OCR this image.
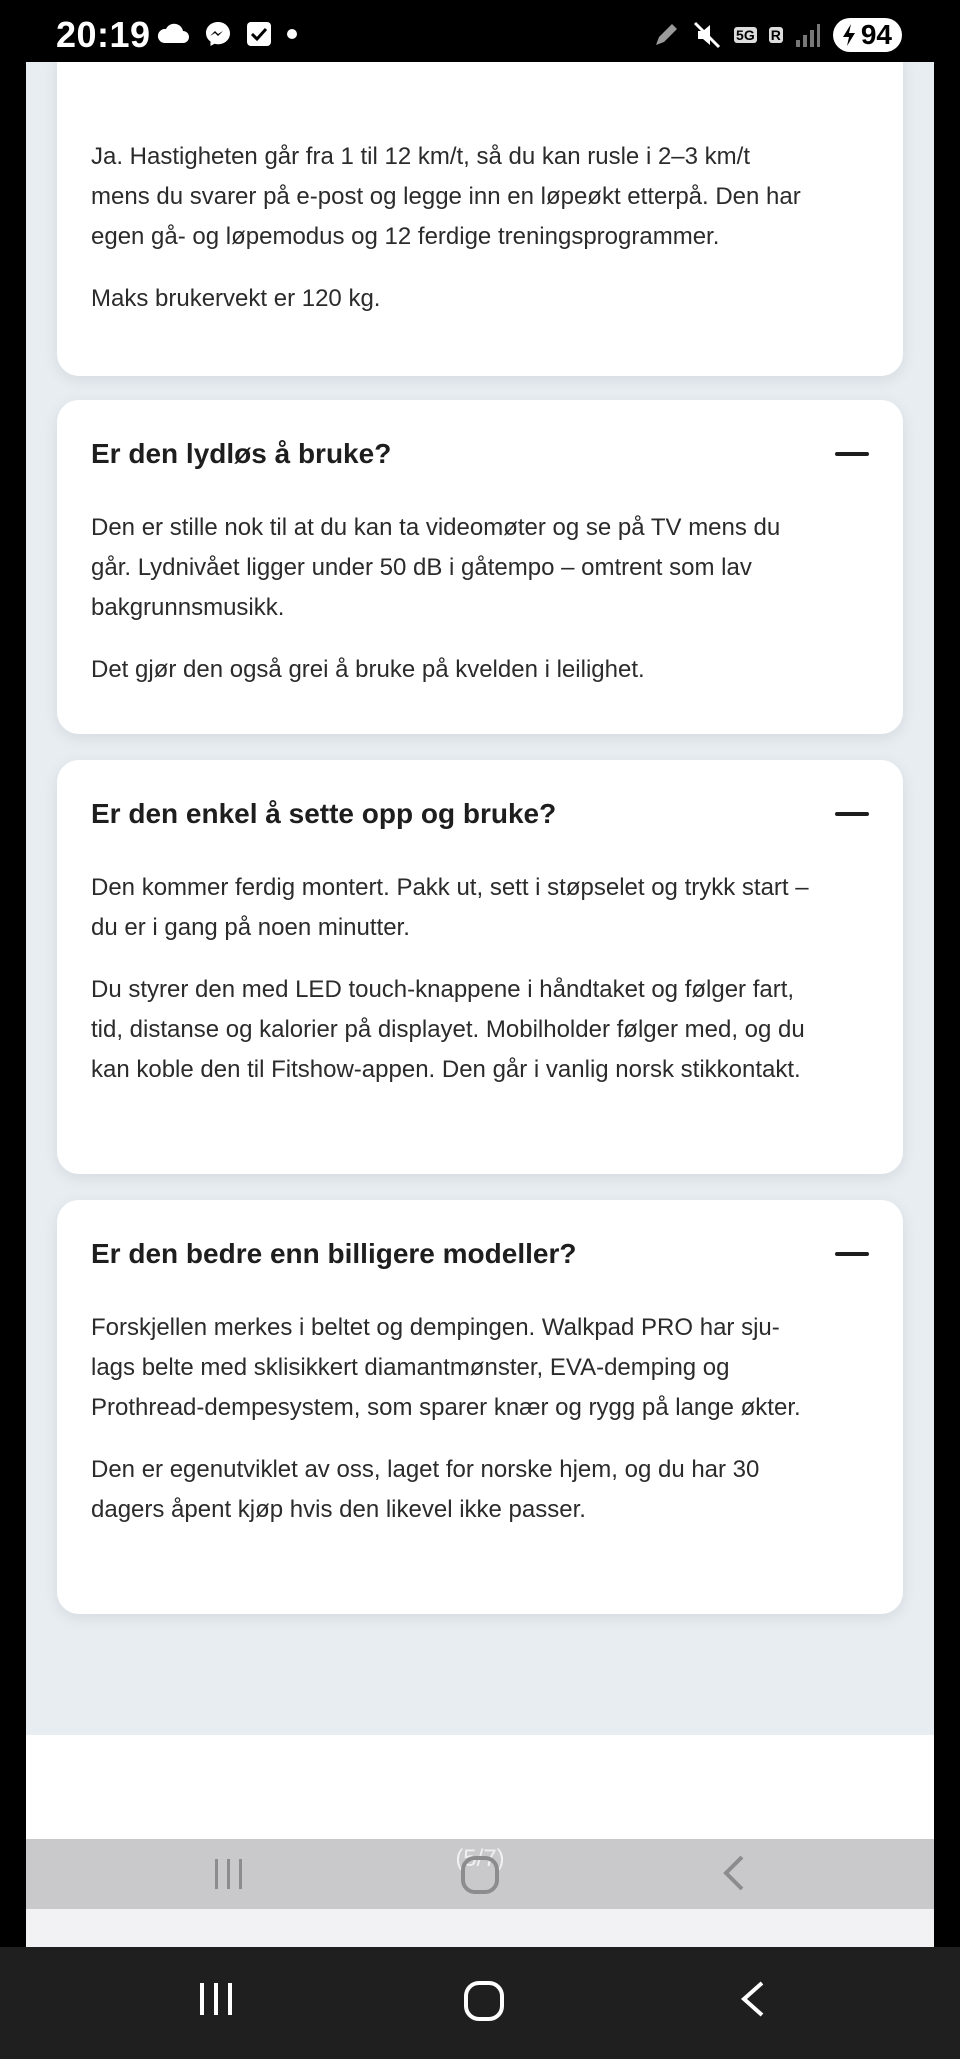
20:19	5G R	94

Ja. Hastigheten går fra 1 til 12 km/t, så du kan rusle i 2–3 km/t mens du svarer på e-post og legge inn en løpeøkt etterpå. Den har egen gå- og løpemodus og 12 ferdige treningsprogrammer.

Maks brukervekt er 120 kg.

Er den lydløs å bruke?

Den er stille nok til at du kan ta videomøter og se på TV mens du går. Lydnivået ligger under 50 dB i gåtempo – omtrent som lav bakgrunnsmusikk.

Det gjør den også grei å bruke på kvelden i leilighet.

Er den enkel å sette opp og bruke?

Den kommer ferdig montert. Pakk ut, sett i støpselet og trykk start – du er i gang på noen minutter.

Du styrer den med LED touch-knappene i håndtaket og følger fart, tid, distanse og kalorier på displayet. Mobilholder følger med, og du kan koble den til Fitshow-appen. Den går i vanlig norsk stikkontakt.

Er den bedre enn billigere modeller?

Forskjellen merkes i beltet og dempingen. Walkpad PRO har sju-lags belte med sklisikkert diamantmønster, EVA-demping og Prothread-dempesystem, som sparer knær og rygg på lange økter.

Den er egenutviklet av oss, laget for norske hjem, og du har 30 dagers åpent kjøp hvis den likevel ikke passer.

(5/7)
